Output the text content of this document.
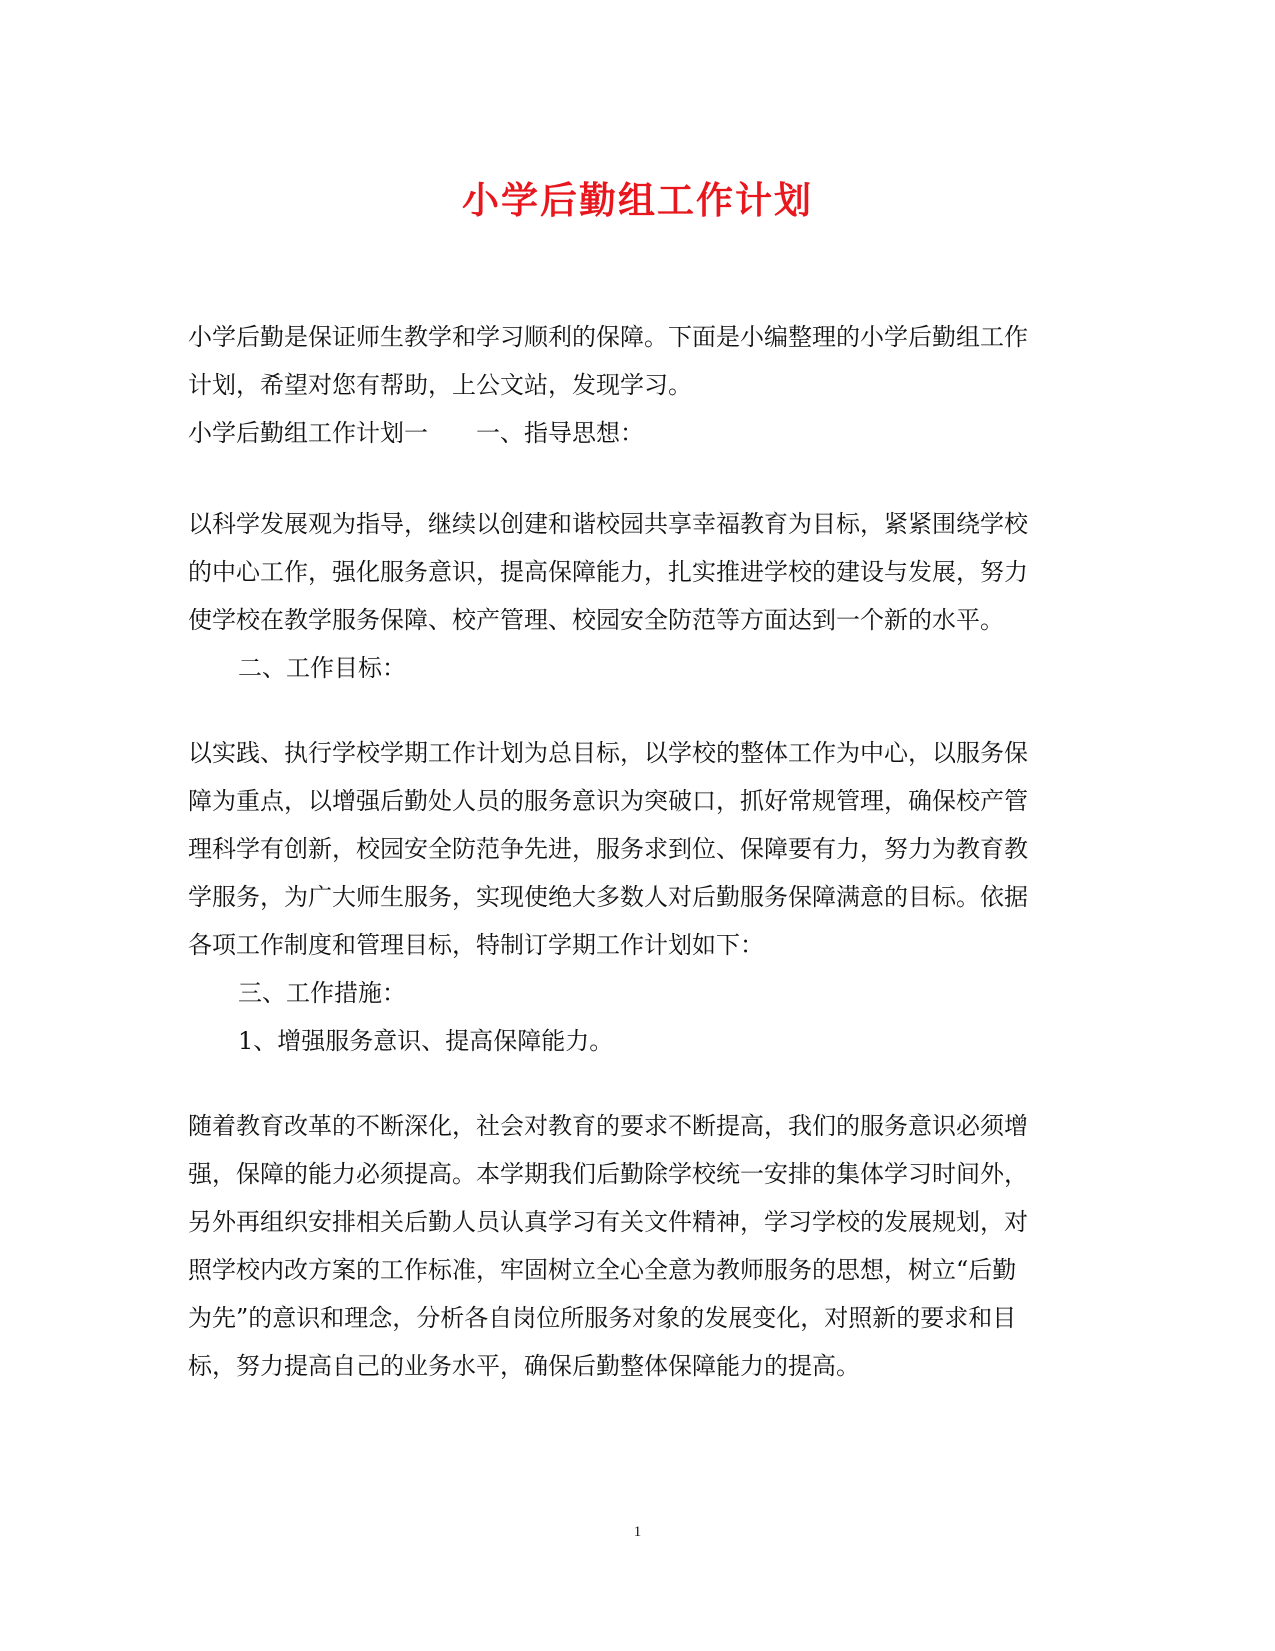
小学后勤组工作计划
小学后勤是保证师生教学和学习顺利的保障。下面是小编整理的小学后勤组工作
计划，希望对您有帮助，上公文站，发现学习。
小学后勤组工作计划一　　一、指导思想：
以科学发展观为指导，继续以创建和谐校园共享幸福教育为目标，紧紧围绕学校
的中心工作，强化服务意识，提高保障能力，扎实推进学校的建设与发展，努力
使学校在教学服务保障、校产管理、校园安全防范等方面达到一个新的水平。
二、工作目标：
以实践、执行学校学期工作计划为总目标，以学校的整体工作为中心，以服务保
障为重点，以增强后勤处人员的服务意识为突破口，抓好常规管理，确保校产管
理科学有创新，校园安全防范争先进，服务求到位、保障要有力，努力为教育教
学服务，为广大师生服务，实现使绝大多数人对后勤服务保障满意的目标。依据
各项工作制度和管理目标，特制订学期工作计划如下：
三、工作措施：
1、增强服务意识、提高保障能力。
随着教育改革的不断深化，社会对教育的要求不断提高，我们的服务意识必须增
强，保障的能力必须提高。本学期我们后勤除学校统一安排的集体学习时间外，
另外再组织安排相关后勤人员认真学习有关文件精神，学习学校的发展规划，对
照学校内改方案的工作标准，牢固树立全心全意为教师服务的思想，树立“后勤
为先”的意识和理念，分析各自岗位所服务对象的发展变化，对照新的要求和目
标，努力提高自己的业务水平，确保后勤整体保障能力的提高。
1
